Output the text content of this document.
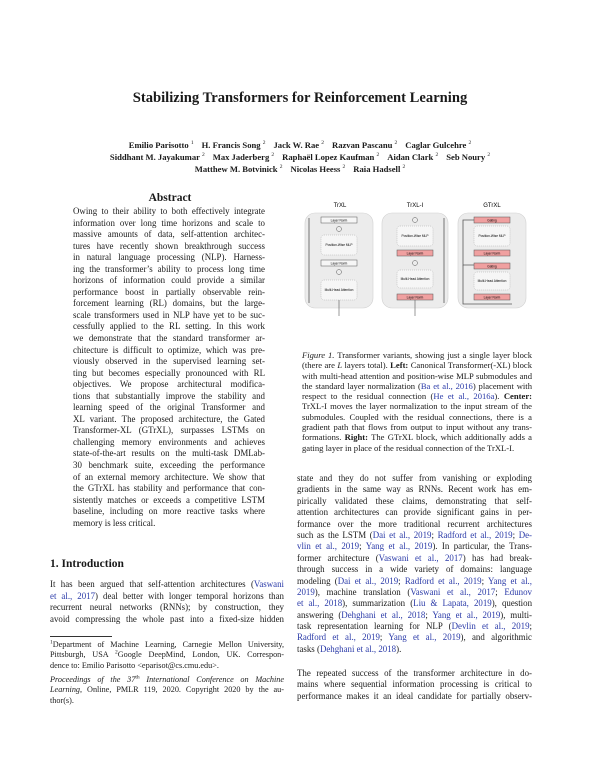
Stabilizing Transformers for Reinforcement Learning
Emilio Parisotto $^1$ H. Francis Song $^2$ Jack W. Rae $^2$ Razvan Pascanu $^2$ Caglar Gulcehre $^2$
Siddhant M. Jayakumar $^2$ Max Jaderberg $^2$ Raphaël Lopez Kaufman $^2$ Aidan Clark $^2$ Seb Noury $^2$
Matthew M. Botvinick $^2$ Nicolas Heess $^2$ Raia Hadsell $^2$
Abstract
Owing to their ability to both effectively integrate
information over long time horizons and scale to
massive amounts of data, self-attention architec-
tures have recently shown breakthrough success
in natural language processing (NLP). Harness-
ing the transformer’s ability to process long time
horizons of information could provide a similar
performance boost in partially observable rein-
forcement learning (RL) domains, but the large-
scale transformers used in NLP have yet to be suc-
cessfully applied to the RL setting. In this work
we demonstrate that the standard transformer ar-
chitecture is difficult to optimize, which was pre-
viously observed in the supervised learning set-
ting but becomes especially pronounced with RL
objectives. We propose architectural modifica-
tions that substantially improve the stability and
learning speed of the original Transformer and
XL variant. The proposed architecture, the Gated
Transformer-XL (GTrXL), surpasses LSTMs on
challenging memory environments and achieves
state-of-the-art results on the multi-task DMLab-
30 benchmark suite, exceeding the performance
of an external memory architecture. We show that
the GTrXL has stability and performance that con-
sistently matches or exceeds a competitive LSTM
baseline, including on more reactive tasks where
memory is less critical.
1. Introduction
It has been argued that self-attention architectures (Vaswani
et al., 2017) deal better with longer temporal horizons than
recurrent neural networks (RNNs); by construction, they
avoid compressing the whole past into a fixed-size hidden
$^1$Department of Machine Learning, Carnegie Mellon University,
Pittsburgh, USA $^2$Google DeepMind, London, UK. Correspon-
dence to: Emilio Parisotto <eparisot@cs.cmu.edu>.
Proceedings of the 37th International Conference on Machine
Learning, Online, PMLR 119, 2020. Copyright 2020 by the au-
thor(s).
TrXL
Layer Norm
Position-Wise MLP
Layer Norm
Multi-Head Attention
TrXL-I
Position-Wise MLP
Layer Norm
Multi-Head Attention
Layer Norm
GTrXL
Gating
Position-Wise MLP
Layer Norm
Gating
Multi-Head Attention
Layer Norm
Figure 1. Transformer variants, showing just a single layer block
(there are L layers total). Left: Canonical Transformer(-XL) block
with multi-head attention and position-wise MLP submodules and
the standard layer normalization (Ba et al., 2016) placement with
respect to the residual connection (He et al., 2016a). Center:
TrXL-I moves the layer normalization to the input stream of the
submodules. Coupled with the residual connections, there is a
gradient path that flows from output to input without any trans-
formations. Right: The GTrXL block, which additionally adds a
gating layer in place of the residual connection of the TrXL-I.
state and they do not suffer from vanishing or exploding
gradients in the same way as RNNs. Recent work has em-
pirically validated these claims, demonstrating that self-
attention architectures can provide significant gains in per-
formance over the more traditional recurrent architectures
such as the LSTM (Dai et al., 2019; Radford et al., 2019; De-
vlin et al., 2019; Yang et al., 2019). In particular, the Trans-
former architecture (Vaswani et al., 2017) has had break-
through success in a wide variety of domains: language
modeling (Dai et al., 2019; Radford et al., 2019; Yang et al.,
2019), machine translation (Vaswani et al., 2017; Edunov
et al., 2018), summarization (Liu & Lapata, 2019), question
answering (Dehghani et al., 2018; Yang et al., 2019), multi-
task representation learning for NLP (Devlin et al., 2019;
Radford et al., 2019; Yang et al., 2019), and algorithmic
tasks (Dehghani et al., 2018).
The repeated success of the transformer architecture in do-
mains where sequential information processing is critical to
performance makes it an ideal candidate for partially observ-
